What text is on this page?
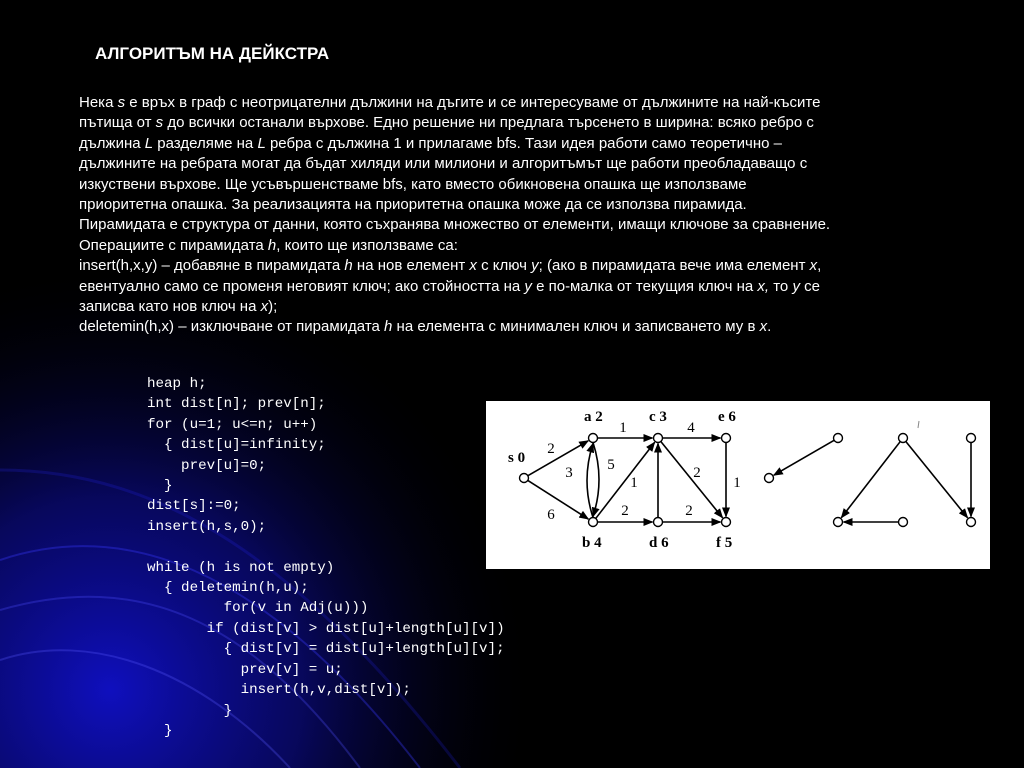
АЛГОРИТЪМ НА ДЕЙКСТРА
Нека s е връх в граф с неотрицателни дължини на дъгите и се интересуваме от дължините на най-късите
пътища от s до всички останали върхове. Едно решение ни предлага търсенето в ширина: всяко ребро с
дължина L разделяме на L ребра с дължина 1 и прилагаме bfs. Тази идея работи само теоретично –
дължините на ребрата могат да бъдат хиляди или милиони и алгоритъмът ще работи преобладаващо с
изкуствени върхове. Ще усъвършенстваме bfs, като вместо обикновена опашка ще използваме
приоритетна опашка. За реализацията на приоритетна опашка може да се използва пирамида.
Пирамидата е структура от данни, която съхранява множество от елементи, имащи ключове за сравнение.
Операциите с пирамидата h, които ще използваме са:
insert(h,x,y) – добавяне в пирамидата h на нов елемент x с ключ y; (ако в пирамидата вече има елемент x,
евентуално само се променя неговият ключ; ако стойността на y е по-малка от текущия ключ на x, то y се
записва като нов ключ на x);
deletemin(h,x) – изключване от пирамидата h на елемента с минимален ключ и записването му в x.
heap h;
int dist[n]; prev[n];
for (u=1; u<=n; u++)
{ dist[u]=infinity;
prev[u]=0;
}
dist[s]:=0;
insert(h,s,0);

while (h is not empty)
{ deletemin(h,u);
for(v in Adj(u)))
if (dist[v] > dist[u]+length[u][v])
{ dist[v] = dist[u]+length[u][v];
prev[v] = u;
insert(h,v,dist[v]);
}
}
2
6
3 5
1
1
2
4
2
2
1
s 0
a 2
b 4
c 3
d 6
e 6
f 5
